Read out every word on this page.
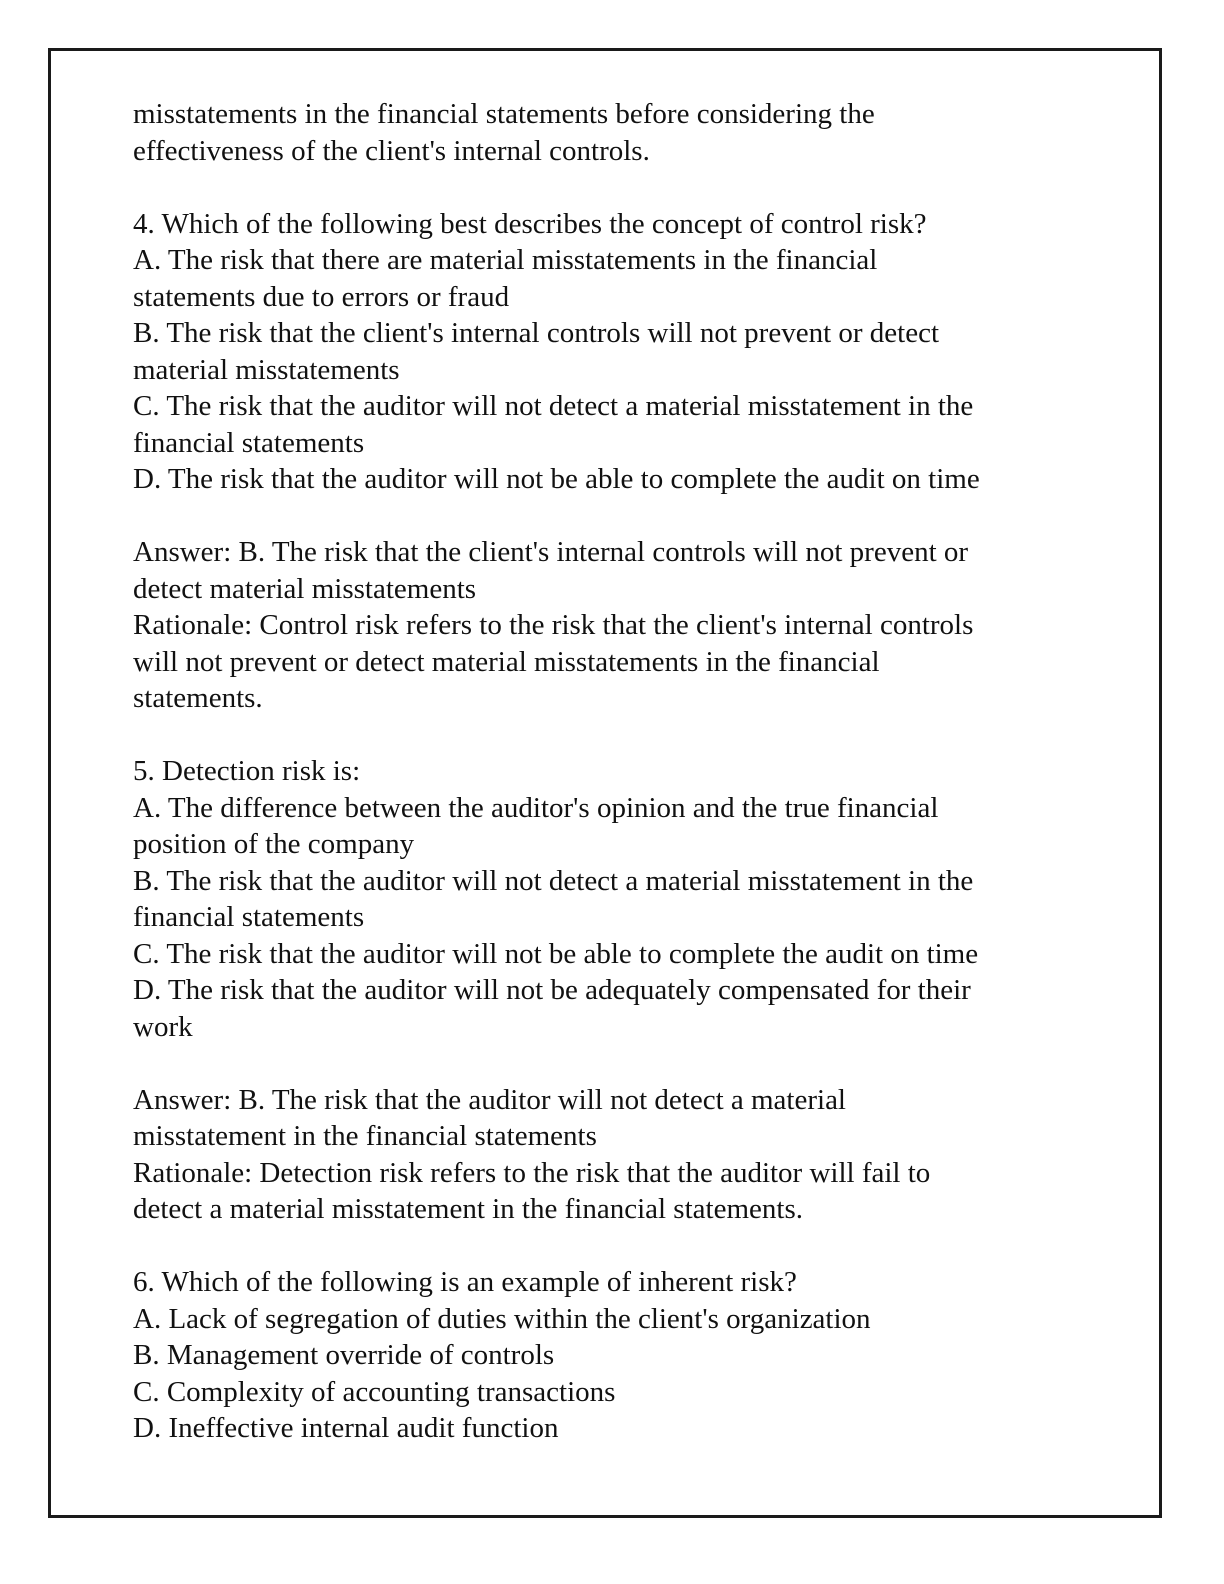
misstatements in the financial statements before considering the
effectiveness of the client's internal controls.
4. Which of the following best describes the concept of control risk?
A. The risk that there are material misstatements in the financial
statements due to errors or fraud
B. The risk that the client's internal controls will not prevent or detect
material misstatements
C. The risk that the auditor will not detect a material misstatement in the
financial statements
D. The risk that the auditor will not be able to complete the audit on time
Answer: B. The risk that the client's internal controls will not prevent or
detect material misstatements
Rationale: Control risk refers to the risk that the client's internal controls
will not prevent or detect material misstatements in the financial
statements.
5. Detection risk is:
A. The difference between the auditor's opinion and the true financial
position of the company
B. The risk that the auditor will not detect a material misstatement in the
financial statements
C. The risk that the auditor will not be able to complete the audit on time
D. The risk that the auditor will not be adequately compensated for their
work
Answer: B. The risk that the auditor will not detect a material
misstatement in the financial statements
Rationale: Detection risk refers to the risk that the auditor will fail to
detect a material misstatement in the financial statements.
6. Which of the following is an example of inherent risk?
A. Lack of segregation of duties within the client's organization
B. Management override of controls
C. Complexity of accounting transactions
D. Ineffective internal audit function
